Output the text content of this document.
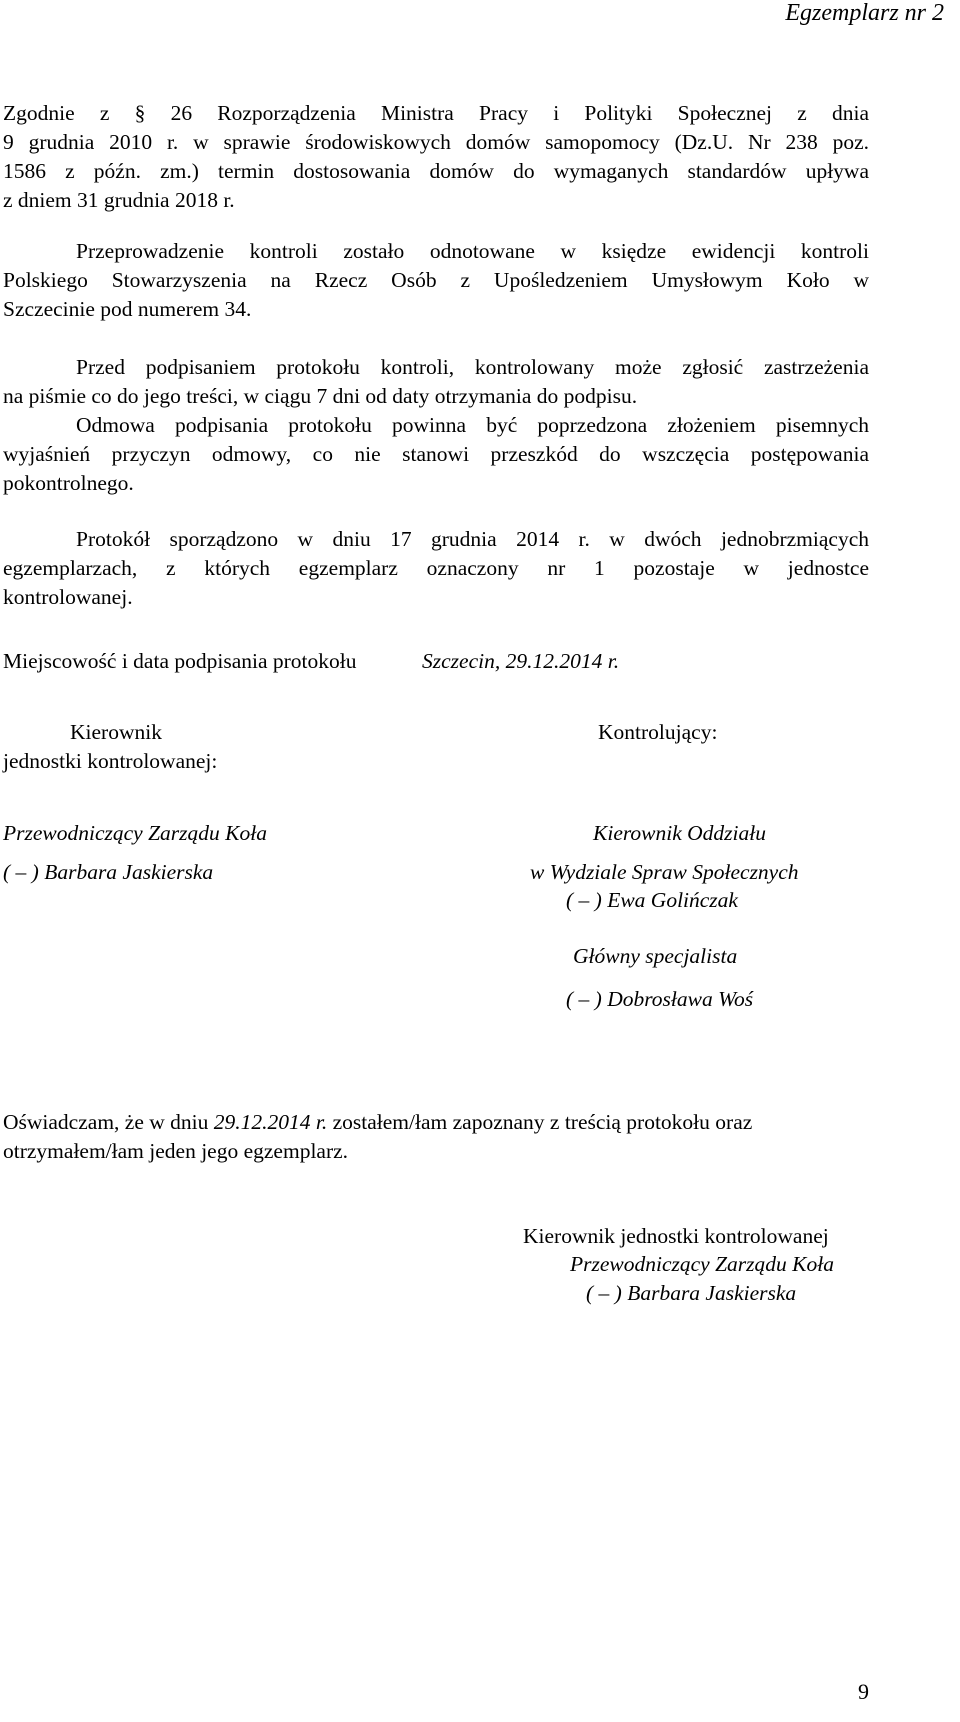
Egzemplarz nr 2
Zgodnie z § 26 Rozporządzenia Ministra Pracy i Polityki Społecznej z dnia
9 grudnia 2010 r. w sprawie środowiskowych domów samopomocy (Dz.U. Nr 238 poz.
1586 z późn. zm.) termin dostosowania domów do wymaganych standardów upływa
z dniem 31 grudnia 2018 r.
Przeprowadzenie kontroli zostało odnotowane w księdze ewidencji kontroli
Polskiego Stowarzyszenia na Rzecz Osób z Upośledzeniem Umysłowym Koło w
Szczecinie pod numerem 34.
Przed podpisaniem protokołu kontroli, kontrolowany może zgłosić zastrzeżenia
na piśmie co do jego treści, w ciągu 7 dni od daty otrzymania do podpisu.
Odmowa podpisania protokołu powinna być poprzedzona złożeniem pisemnych
wyjaśnień przyczyn odmowy, co nie stanowi przeszkód do wszczęcia postępowania
pokontrolnego.
Protokół sporządzono w dniu 17 grudnia 2014 r. w dwóch jednobrzmiących
egzemplarzach, z których egzemplarz oznaczony nr 1 pozostaje w jednostce
kontrolowanej.
Miejscowość i data podpisania protokołu	Szczecin, 29.12.2014 r.
Kierownik
jednostki kontrolowanej:
Kontrolujący:
Przewodniczący Zarządu Koła
( – ) Barbara Jaskierska
Kierownik Oddziału
w Wydziale Spraw Społecznych
( – ) Ewa Golińczak
Główny specjalista
( – ) Dobrosława Woś
Oświadczam, że w dniu 29.12.2014 r. zostałem/łam zapoznany z treścią protokołu oraz
otrzymałem/łam jeden jego egzemplarz.
Kierownik jednostki kontrolowanej
Przewodniczący Zarządu Koła
( – ) Barbara Jaskierska
9
